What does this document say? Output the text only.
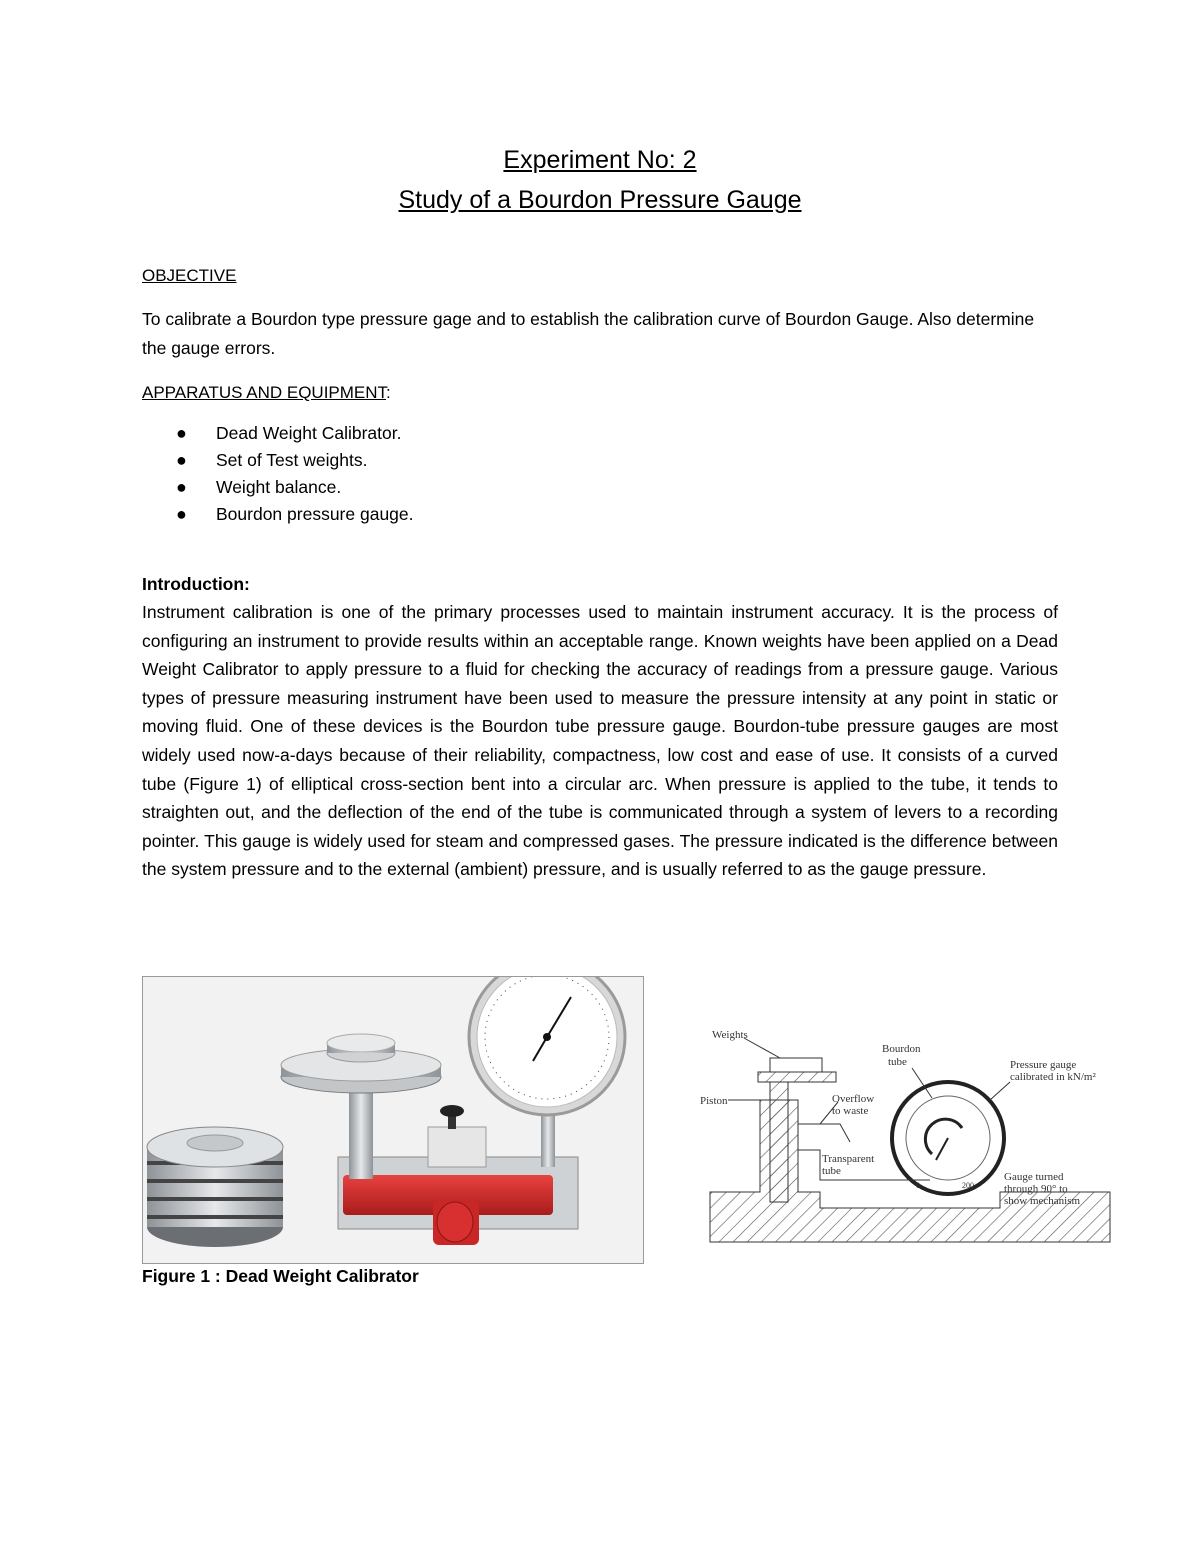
Experiment No: 2
Study of a Bourdon Pressure Gauge
OBJECTIVE
To calibrate a Bourdon type pressure gage and to establish the calibration curve of Bourdon Gauge. Also determine the gauge errors.
APPARATUS AND EQUIPMENT:
● Dead Weight Calibrator.
● Set of Test weights.
● Weight balance.
● Bourdon pressure gauge.
Introduction:
Instrument calibration is one of the primary processes used to maintain instrument accuracy. It is the process of configuring an instrument to provide results within an acceptable range. Known weights have been applied on a Dead Weight Calibrator to apply pressure to a fluid for checking the accuracy of readings from a pressure gauge. Various types of pressure measuring instrument have been used to measure the pressure intensity at any point in static or moving fluid. One of these devices is the Bourdon tube pressure gauge. Bourdon-tube pressure gauges are most widely used now-a-days because of their reliability, compactness, low cost and ease of use. It consists of a curved tube (Figure 1) of elliptical cross-section bent into a circular arc. When pressure is applied to the tube, it tends to straighten out, and the deflection of the end of the tube is communicated through a system of levers to a recording pointer. This gauge is widely used for steam and compressed gases. The pressure indicated is the difference between the system pressure and to the external (ambient) pressure, and is usually referred to as the gauge pressure.
Weights
Piston
Bourdon
tube
Overflow
to waste
Transparent
tube
Pressure gauge
calibrated in kN/m²
Gauge turned
through 90° to
show mechanism
0	200
Figure 1 : Dead Weight Calibrator
